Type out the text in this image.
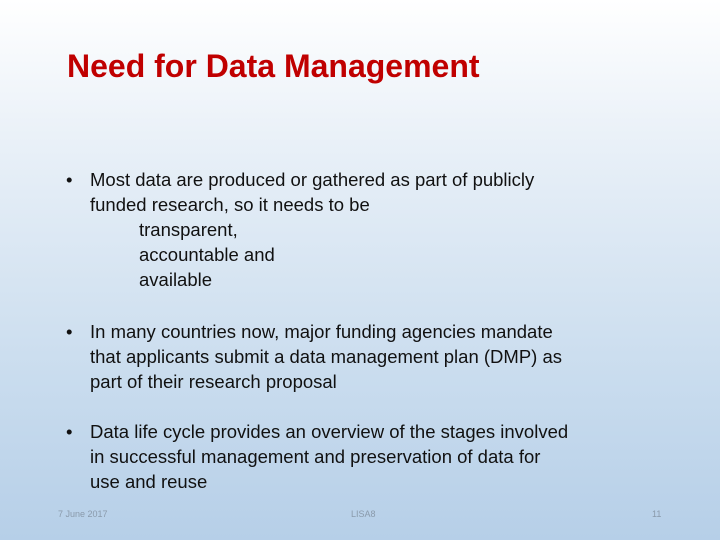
Need for Data Management
• Most data are produced or gathered as part of publicly
funded research, so it needs to be
transparent,
accountable and
available
• In many countries now, major funding agencies mandate
that applicants submit a data management plan (DMP) as
part of their research proposal
• Data life cycle provides an overview of the stages involved
in successful management and preservation of data for
use and reuse
7 June 2017	LISA8	11
